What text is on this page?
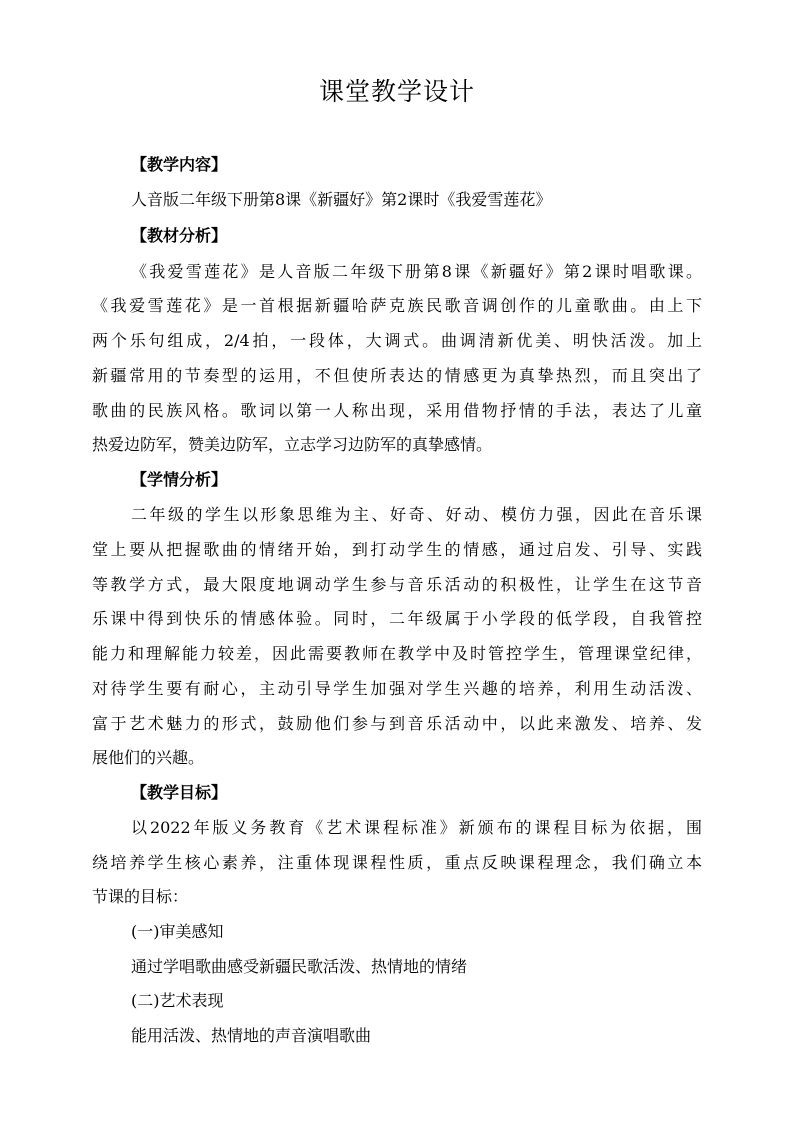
课堂教学设计
【教学内容】
人音版二年级下册第8课《新疆好》第2课时《我爱雪莲花》
【教材分析】
《我爱雪莲花》是人音版二年级下册第8课《新疆好》第2课时唱歌课。
《我爱雪莲花》是一首根据新疆哈萨克族民歌音调创作的儿童歌曲。由上下
两个乐句组成，2/4拍，一段体，大调式。曲调清新优美、明快活泼。加上
新疆常用的节奏型的运用，不但使所表达的情感更为真挚热烈，而且突出了
歌曲的民族风格。歌词以第一人称出现，采用借物抒情的手法，表达了儿童
热爱边防军，赞美边防军，立志学习边防军的真挚感情。
【学情分析】
二年级的学生以形象思维为主、好奇、好动、模仿力强，因此在音乐课
堂上要从把握歌曲的情绪开始，到打动学生的情感，通过启发、引导、实践
等教学方式，最大限度地调动学生参与音乐活动的积极性，让学生在这节音
乐课中得到快乐的情感体验。同时，二年级属于小学段的低学段，自我管控
能力和理解能力较差，因此需要教师在教学中及时管控学生，管理课堂纪律，
对待学生要有耐心，主动引导学生加强对学生兴趣的培养，利用生动活泼、
富于艺术魅力的形式，鼓励他们参与到音乐活动中，以此来激发、培养、发
展他们的兴趣。
【教学目标】
以2022年版义务教育《艺术课程标准》新颁布的课程目标为依据，围
绕培养学生核心素养，注重体现课程性质，重点反映课程理念，我们确立本
节课的目标：
(一)审美感知
通过学唱歌曲感受新疆民歌活泼、热情地的情绪
(二)艺术表现
能用活泼、热情地的声音演唱歌曲
